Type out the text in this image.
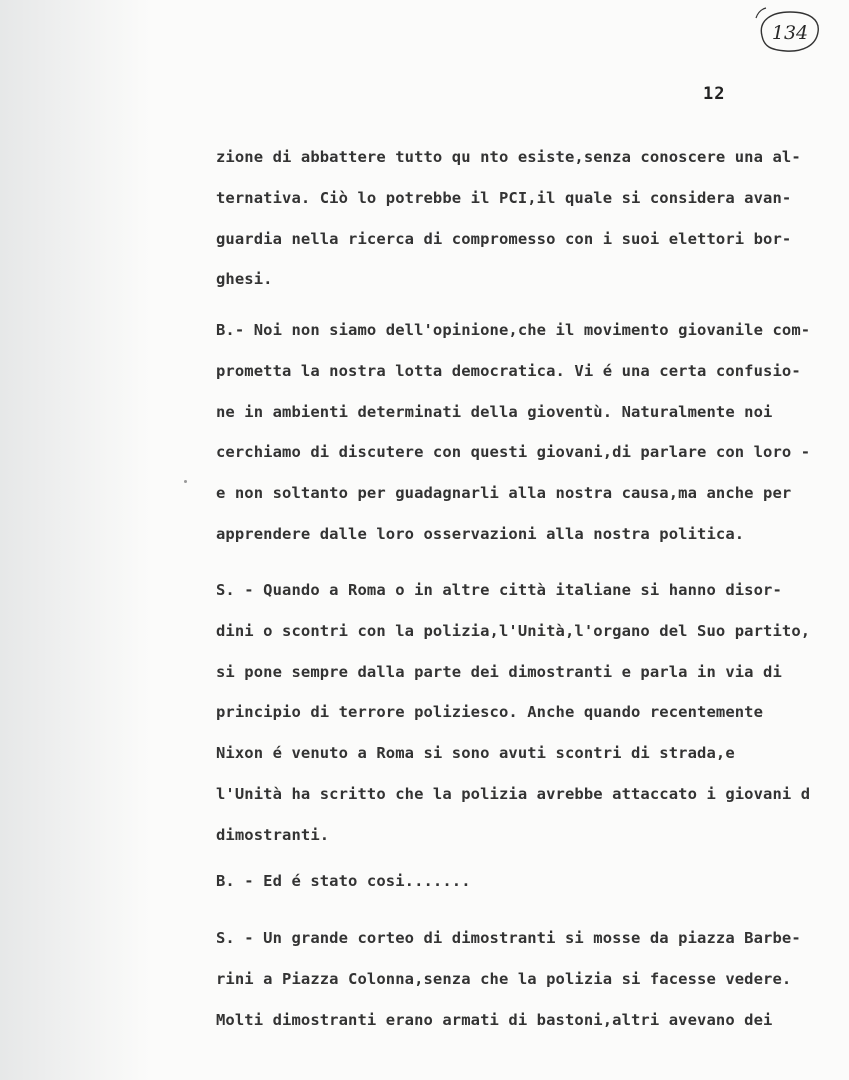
134
12
zione di abbattere tutto qu nto esiste,senza conoscere una al-
ternativa. Ciò lo potrebbe il PCI,il quale si considera avan-
guardia nella ricerca di compromesso con i suoi elettori bor-
ghesi.
B.- Noi non siamo dell'opinione,che il movimento giovanile com-
prometta la nostra lotta democratica. Vi é una certa confusio-
ne in ambienti determinati della gioventù. Naturalmente noi
cerchiamo di discutere con questi giovani,di parlare con loro -
e non soltanto per guadagnarli alla nostra causa,ma anche per
apprendere dalle loro osservazioni alla nostra politica.
S. - Quando a Roma o in altre città italiane si hanno disor-
dini o scontri con la polizia,l'Unità,l'organo del Suo partito,
si pone sempre dalla parte dei dimostranti e parla in via di
principio di terrore poliziesco. Anche quando recentemente
Nixon é venuto a Roma si sono avuti scontri di strada,e
l'Unità ha scritto che la polizia avrebbe attaccato i giovani d
dimostranti.
B. - Ed é stato cosi.......
S. - Un grande corteo di dimostranti si mosse da piazza Barbe-
rini a Piazza Colonna,senza che la polizia si facesse vedere.
Molti dimostranti erano armati di bastoni,altri avevano dei
